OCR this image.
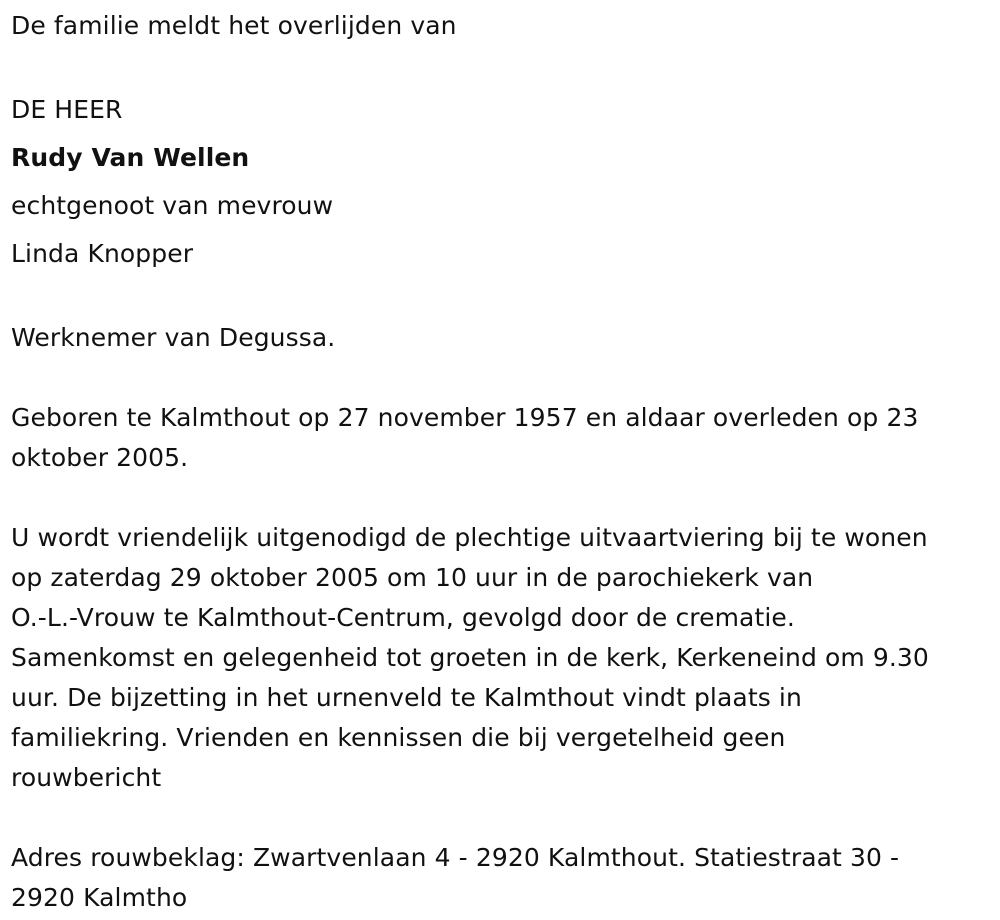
De familie meldt het overlijden van
DE HEER
Rudy Van Wellen
echtgenoot van mevrouw
Linda Knopper
Werknemer van Degussa.
Geboren te Kalmthout op 27 november 1957 en aldaar overleden op 23
oktober 2005.
U wordt vriendelijk uitgenodigd de plechtige uitvaartviering bij te wonen
op zaterdag 29 oktober 2005 om 10 uur in de parochiekerk van
O.-L.-Vrouw te Kalmthout-Centrum, gevolgd door de crematie.
Samenkomst en gelegenheid tot groeten in de kerk, Kerkeneind om 9.30
uur. De bijzetting in het urnenveld te Kalmthout vindt plaats in
familiekring. Vrienden en kennissen die bij vergetelheid geen
rouwbericht
Adres rouwbeklag: Zwartvenlaan 4 - 2920 Kalmthout. Statiestraat 30 -
2920 Kalmtho
